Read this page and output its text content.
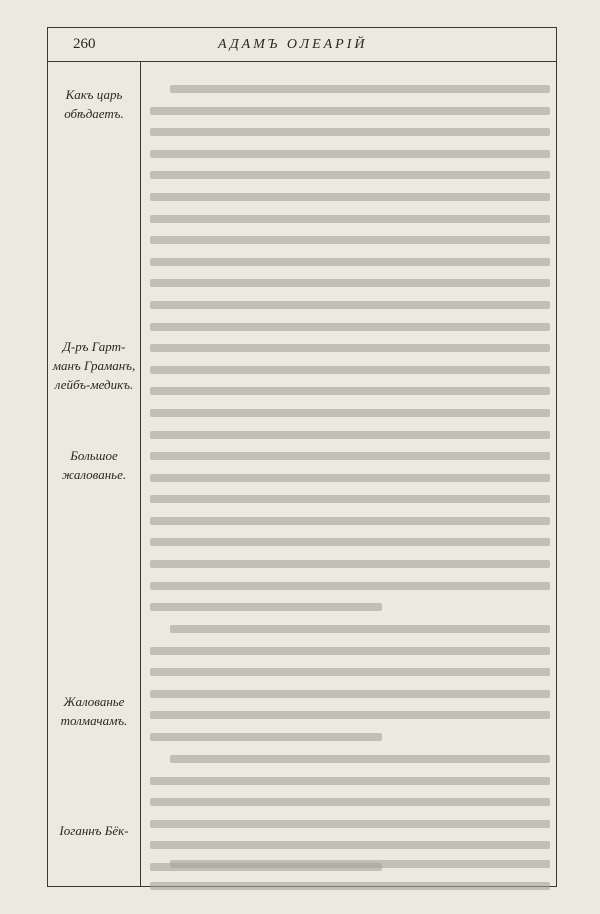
260	АДАМЪ ОЛЕАРІЙ
Какъ царь
обѣдаетъ.
Д-ръ Гарт-
манъ Граманъ,
лейбъ-медикъ.
Большое
жалованье.
Жалованье
толмачамъ.
Іоганнъ Бёк-
